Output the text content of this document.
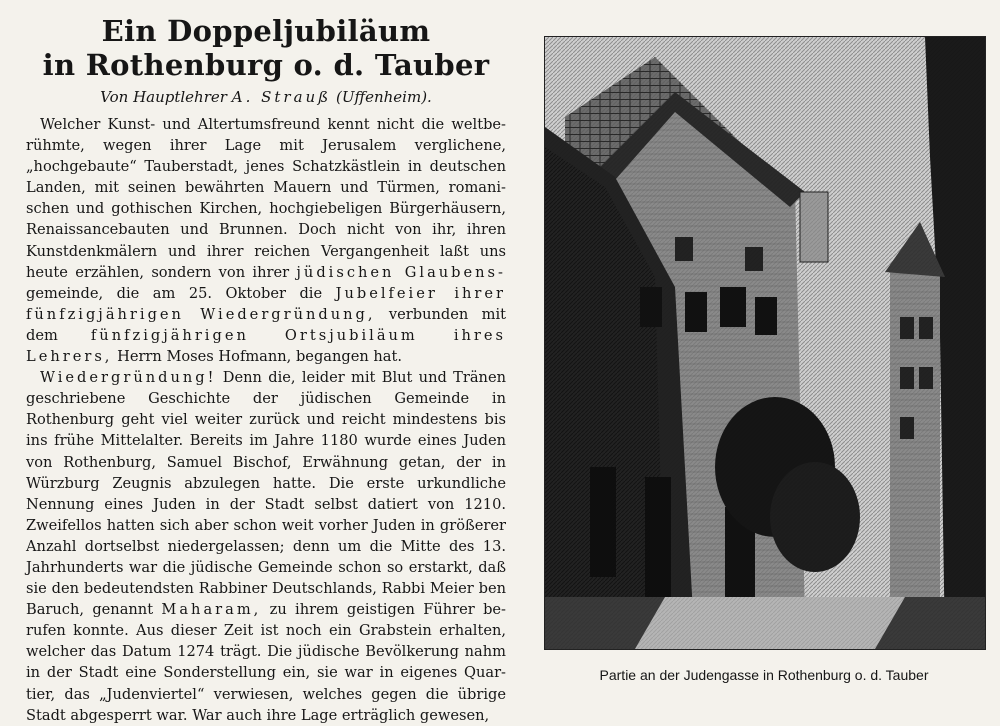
Ein Doppeljubiläum
in Rothenburg o. d. Tauber
Von Hauptlehrer A. Strauß (Uffenheim).

Welcher Kunst- und Altertumsfreund kennt nicht die weltbe- rühmte, wegen ihrer Lage mit Jerusalem verglichene, „hochgebaute“ Tauberstadt, jenes Schatzkästlein in deutschen Landen, mit seinen bewährten Mauern und Türmen, romani- schen und gothischen Kirchen, hochgiebeligen Bürgerhäusern, Renaissancebauten und Brunnen. Doch nicht von ihr, ihren Kunstdenkmälern und ihrer reichen Vergangenheit laßt uns heute erzählen, sondern von ihrer jüdischen Glaubens- gemeinde, die am 25. Oktober die Jubelfeier ihrer fünfzigjährigen Wiedergründung, verbunden mit dem fünfzigjährigen Ortsjubiläum ihres Lehrers, Herrn Moses Hofmann, begangen hat.

Wiedergründung! Denn die, leider mit Blut und Tränen geschriebene Geschichte der jüdischen Gemeinde in Rothenburg geht viel weiter zurück und reicht mindestens bis ins frühe Mittelalter. Bereits im Jahre 1180 wurde eines Juden von Rothenburg, Samuel Bischof, Erwähnung getan, der in Würzburg Zeugnis abzulegen hatte. Die erste urkundliche Nennung eines Juden in der Stadt selbst datiert von 1210. Zweifellos hatten sich aber schon weit vorher Juden in größerer Anzahl dortselbst niedergelassen; denn um die Mitte des 13. Jahrhunderts war die jüdische Gemeinde schon so erstarkt, daß sie den bedeutendsten Rabbiner Deutschlands, Rabbi Meier ben Baruch, genannt Maharam, zu ihrem geistigen Führer be- rufen konnte. Aus dieser Zeit ist noch ein Grabstein erhalten, welcher das Datum 1274 trägt. Die jüdische Bevölkerung nahm in der Stadt eine Sonderstellung ein, sie war in eigenes Quar- tier, das „Judenviertel“ verwiesen, welches gegen die übrige Stadt abgesperrt war. War auch ihre Lage erträglich gewesen,

Partie an der Judengasse in Rothenburg o. d. Tauber
